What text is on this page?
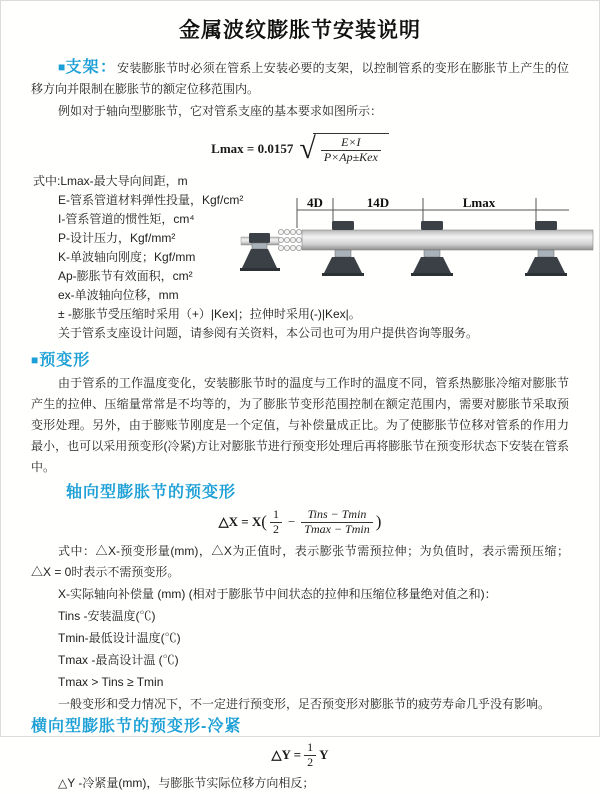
金属波纹膨胀节安装说明

■支架：安装膨胀节时必须在管系上安装必要的支架，以控制管系的变形在膨胀节上产生的位移方向并限制在膨胀节的额定位移范围内。

例如对于轴向型膨胀节，它对管系支座的基本要求如图所示：

Lmax = 0.0157 √ $\frac{E\times I}{\text{P×Ap±Kex}}$
式中:Lmax-最大导向间距，m
E-管系管道材料弹性投量，Kgf/cm²
I-管系管道的惯性矩，cm⁴
P-设计压力，Kgf/mm²
K-单波轴向刚度；Kgf/mm
Ap-膨胀节有效面积，cm²
ex-单波轴向位移，mm
± -膨胀节受压缩时采用（+）|Kex|；拉伸时采用(-)|Kex|。
关于管系支座设计问题，请参阅有关资料，本公司也可为用户提供咨询等服务。

■预变形

由于管系的工作温度变化，安装膨胀节时的温度与工作时的温度不同，管系热膨胀冷缩对膨胀节产生的拉伸、压缩量常常是不均等的，为了膨胀节变形范围控制在额定范围内，需要对膨胀节采取预变形处理。另外，由于膨账节刚度是一个定值，与补偿量成正比。为了使膨胀节位移对管系的作用力最小，也可以采用预变形(冷紧)方让对膨胀节进行预变形处理后再将膨胀节在预变形状态下安装在管系中。

轴向型膨胀节的预变形

△X = X ( $\frac{1}{2} - \frac{\text{Tins − Tmin}}{Tmax - Tmin}$ )

式中：△X-预变形量(mm)，△X为正值时，表示膨张节需预拉伸；为负值时，表示需预压缩；△X = 0时表示不需预变形。

X-实际轴向补偿量 (mm) (相对于膨胀节中间状态的拉伸和压缩位移量绝对值之和)：
Tins -安装温度(℃)
Tmin-最低设计温度(℃)
Tmax -最高设计温 (℃)
Tmax > Tins ≥ Tmin
一般变形和受力情况下，不一定进行预变形，足否预变形对膨胀节的疲劳寿命几乎没有影响。

横向型膨胀节的预变形-冷紧

△Y = $\frac{1}{2}$ Y

△Y -冷紧量(mm)，与膨胀节实际位移方向相反；

4D	14D	Lmax
